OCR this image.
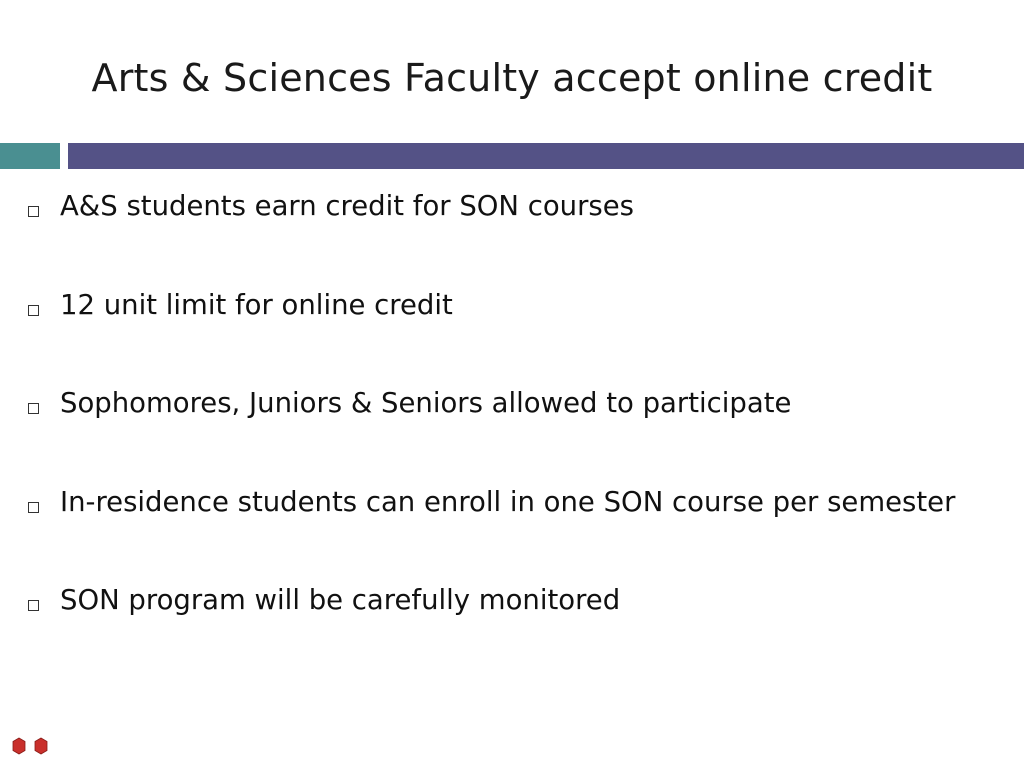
Arts & Sciences Faculty accept online credit
A&S students earn credit for SON courses
12 unit limit for online credit
Sophomores, Juniors & Seniors allowed to participate
In-residence students can enroll in one SON course per semester
SON program will be carefully monitored
